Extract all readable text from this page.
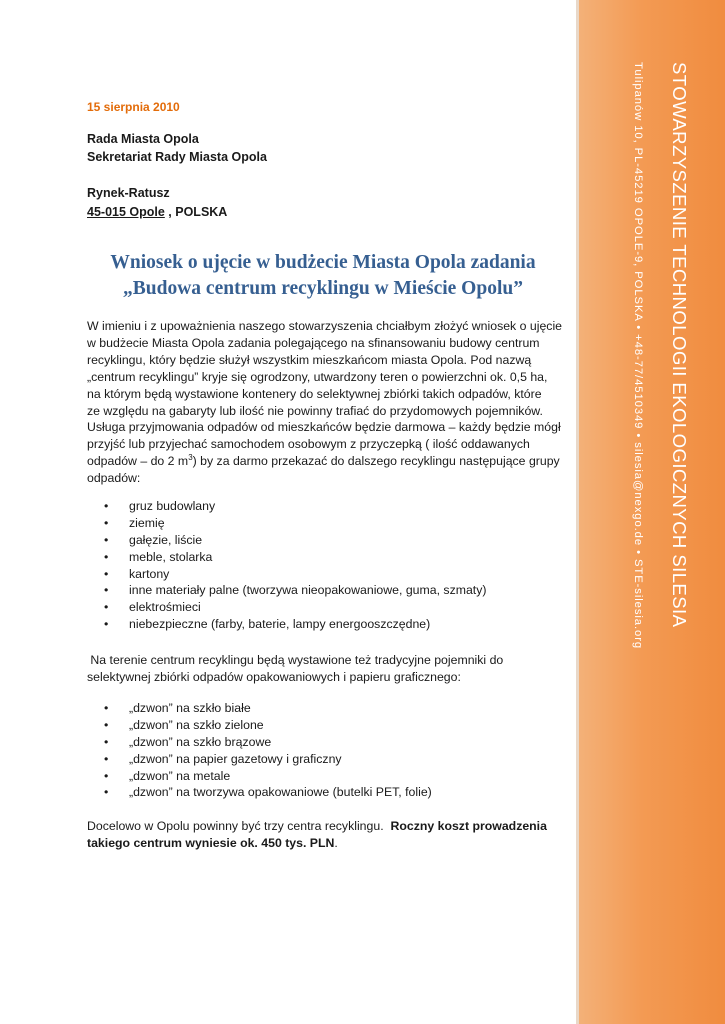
STOWARZYSZENIE TECHNOLOGII EKOLOGICZNYCH SILESIA
Tulipanów 10, PL-45219 OPOLE-9, POLSKA • +48-77/4510349 • silesia@nexgo.de • STE-silesia.org
15 sierpnia 2010
Rada Miasta Opola
Sekretariat Rady Miasta Opola
Rynek-Ratusz
45-015 Opole , POLSKA
Wniosek o ujęcie w budżecie Miasta Opola zadania
„Budowa centrum recyklingu w Mieście Opolu”
W imieniu i z upoważnienia naszego stowarzyszenia chciałbym złożyć wniosek o ujęcie
w budżecie Miasta Opola zadania polegającego na sfinansowaniu budowy centrum
recyklingu, który będzie służył wszystkim mieszkańcom miasta Opola. Pod nazwą
„centrum recyklingu” kryje się ogrodzony, utwardzony teren o powierzchni ok. 0,5 ha,
na którym będą wystawione kontenery do selektywnej zbiórki takich odpadów, które
ze względu na gabaryty lub ilość nie powinny trafiać do przydomowych pojemników.
Usługa przyjmowania odpadów od mieszkańców będzie darmowa – każdy będzie mógł
przyjść lub przyjechać samochodem osobowym z przyczepką ( ilość oddawanych
odpadów – do 2 $m^3$) by za darmo przekazać do dalszego recyklingu następujące grupy
odpadów:
• gruz budowlany
• ziemię
• gałęzie, liście
• meble, stolarka
• kartony
• inne materiały palne (tworzywa nieopakowaniowe, guma, szmaty)
• elektrośmieci
• niebezpieczne (farby, baterie, lampy energooszczędne)
Na terenie centrum recyklingu będą wystawione też tradycyjne pojemniki do
selektywnej zbiórki odpadów opakowaniowych i papieru graficznego:
• „dzwon” na szkło białe
• „dzwon” na szkło zielone
• „dzwon” na szkło brązowe
• „dzwon” na papier gazetowy i graficzny
• „dzwon” na metale
• „dzwon” na tworzywa opakowaniowe (butelki PET, folie)
Docelowo w Opolu powinny być trzy centra recyklingu.  Roczny koszt prowadzenia
takiego centrum wyniesie ok. 450 tys. PLN.
